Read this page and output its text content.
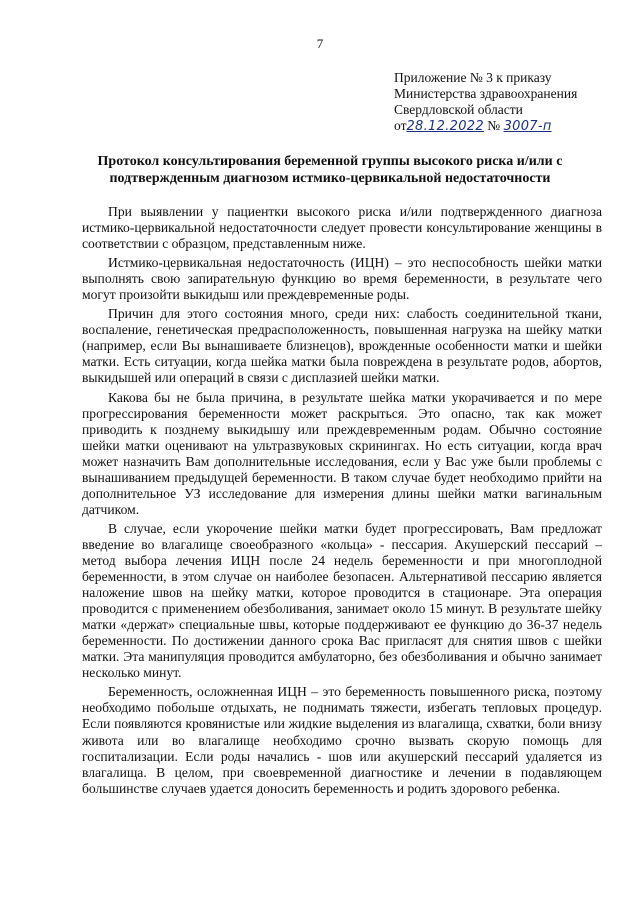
7
Приложение № 3 к приказу
Министерства здравоохранения
Свердловской области
от28.12.2022 № 3007-п
Протокол консультирования беременной группы высокого риска и/или с подтвержденным диагнозом истмико-цервикальной недостаточности

При выявлении у пациентки высокого риска и/или подтвержденного диагноза истмико-цервикальной недостаточности следует провести консультирование женщины в соответствии с образцом, представленным ниже.

Истмико-цервикальная недостаточность (ИЦН) – это неспособность шейки матки выполнять свою запирательную функцию во время беременности, в результате чего могут произойти выкидыш или преждевременные роды.

Причин для этого состояния много, среди них: слабость соединительной ткани, воспаление, генетическая предрасположенность, повышенная нагрузка на шейку матки (например, если Вы вынашиваете близнецов), врожденные особенности матки и шейки матки. Есть ситуации, когда шейка матки была повреждена в результате родов, абортов, выкидышей или операций в связи с дисплазией шейки матки.

Какова бы не была причина, в результате шейка матки укорачивается и по мере прогрессирования беременности может раскрыться. Это опасно, так как может приводить к позднему выкидышу или преждевременным родам. Обычно состояние шейки матки оценивают на ультразвуковых скринингах. Но есть ситуации, когда врач может назначить Вам дополнительные исследования, если у Вас уже были проблемы с вынашиванием предыдущей беременности. В таком случае будет необходимо прийти на дополнительное УЗ исследование для измерения длины шейки матки вагинальным датчиком.

В случае, если укорочение шейки матки будет прогрессировать, Вам предложат введение во влагалище своеобразного «кольца» - пессария. Акушерский пессарий – метод выбора лечения ИЦН после 24 недель беременности и при многоплодной беременности, в этом случае он наиболее безопасен. Альтернативой пессарию является наложение швов на шейку матки, которое проводится в стационаре. Эта операция проводится с применением обезболивания, занимает около 15 минут. В результате шейку матки «держат» специальные швы, которые поддерживают ее функцию до 36-37 недель беременности. По достижении данного срока Вас пригласят для снятия швов с шейки матки. Эта манипуляция проводится амбулаторно, без обезболивания и обычно занимает несколько минут.

Беременность, осложненная ИЦН – это беременность повышенного риска, поэтому необходимо побольше отдыхать, не поднимать тяжести, избегать тепловых процедур. Если появляются кровянистые или жидкие выделения из влагалища, схватки, боли внизу живота или во влагалище необходимо срочно вызвать скорую помощь для госпитализации. Если роды начались - шов или акушерский пессарий удаляется из влагалища. В целом, при своевременной диагностике и лечении в подавляющем большинстве случаев удается доносить беременность и родить здорового ребенка.
